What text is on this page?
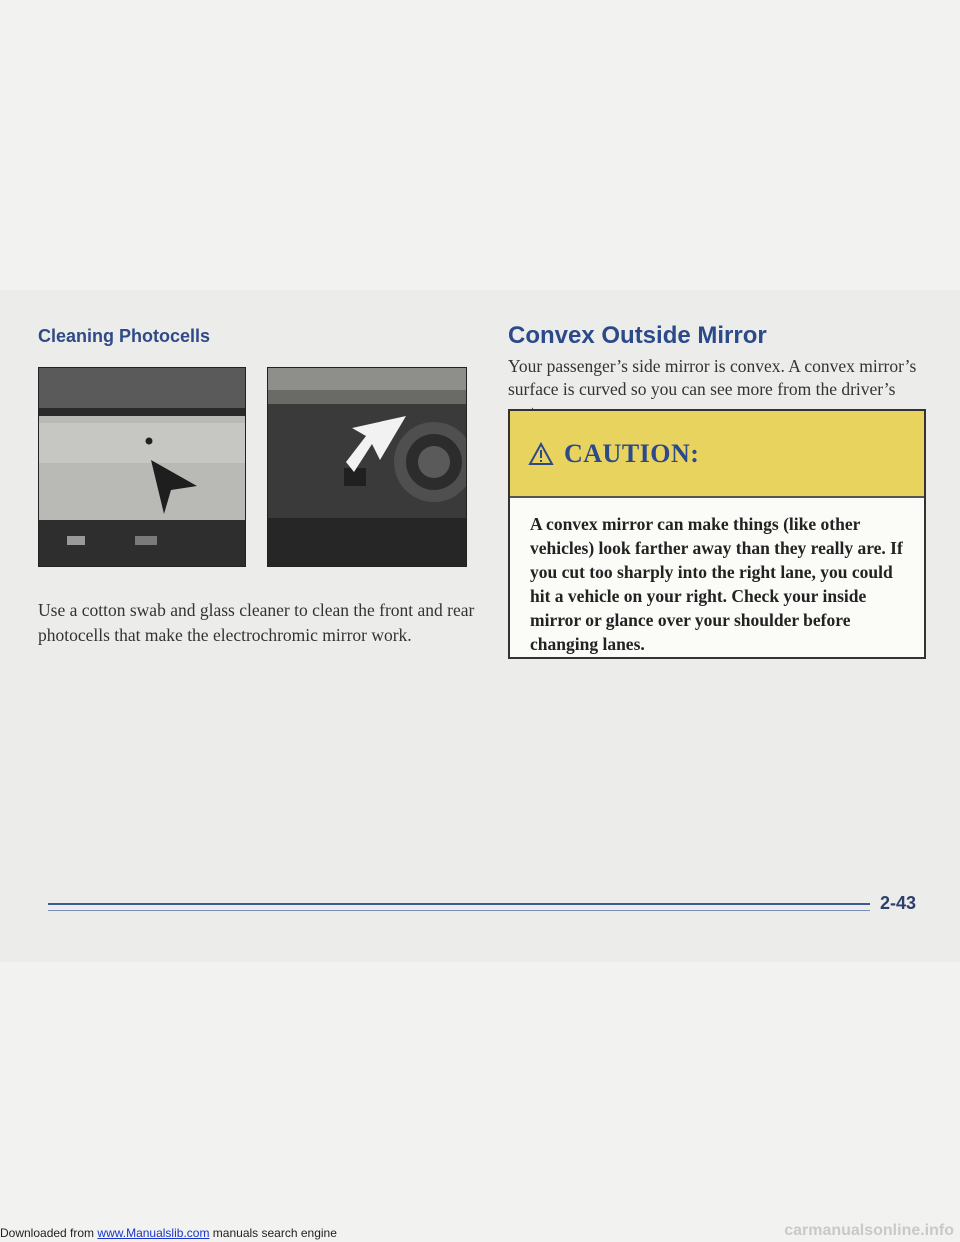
Cleaning Photocells

Use a cotton swab and glass cleaner to clean the front and rear photocells that make the electrochromic mirror work.

Convex Outside Mirror

Your passenger’s side mirror is convex. A convex mirror’s surface is curved so you can see more from the driver’s

CAUTION:

A convex mirror can make things (like other vehicles) look farther away than they really are. If you cut too sharply into the right lane, you could hit a vehicle on your right. Check your inside mirror or glance over your shoulder before changing lanes.

2-43

Downloaded from www.Manualslib.com manuals search engine	carmanualsonline.info
